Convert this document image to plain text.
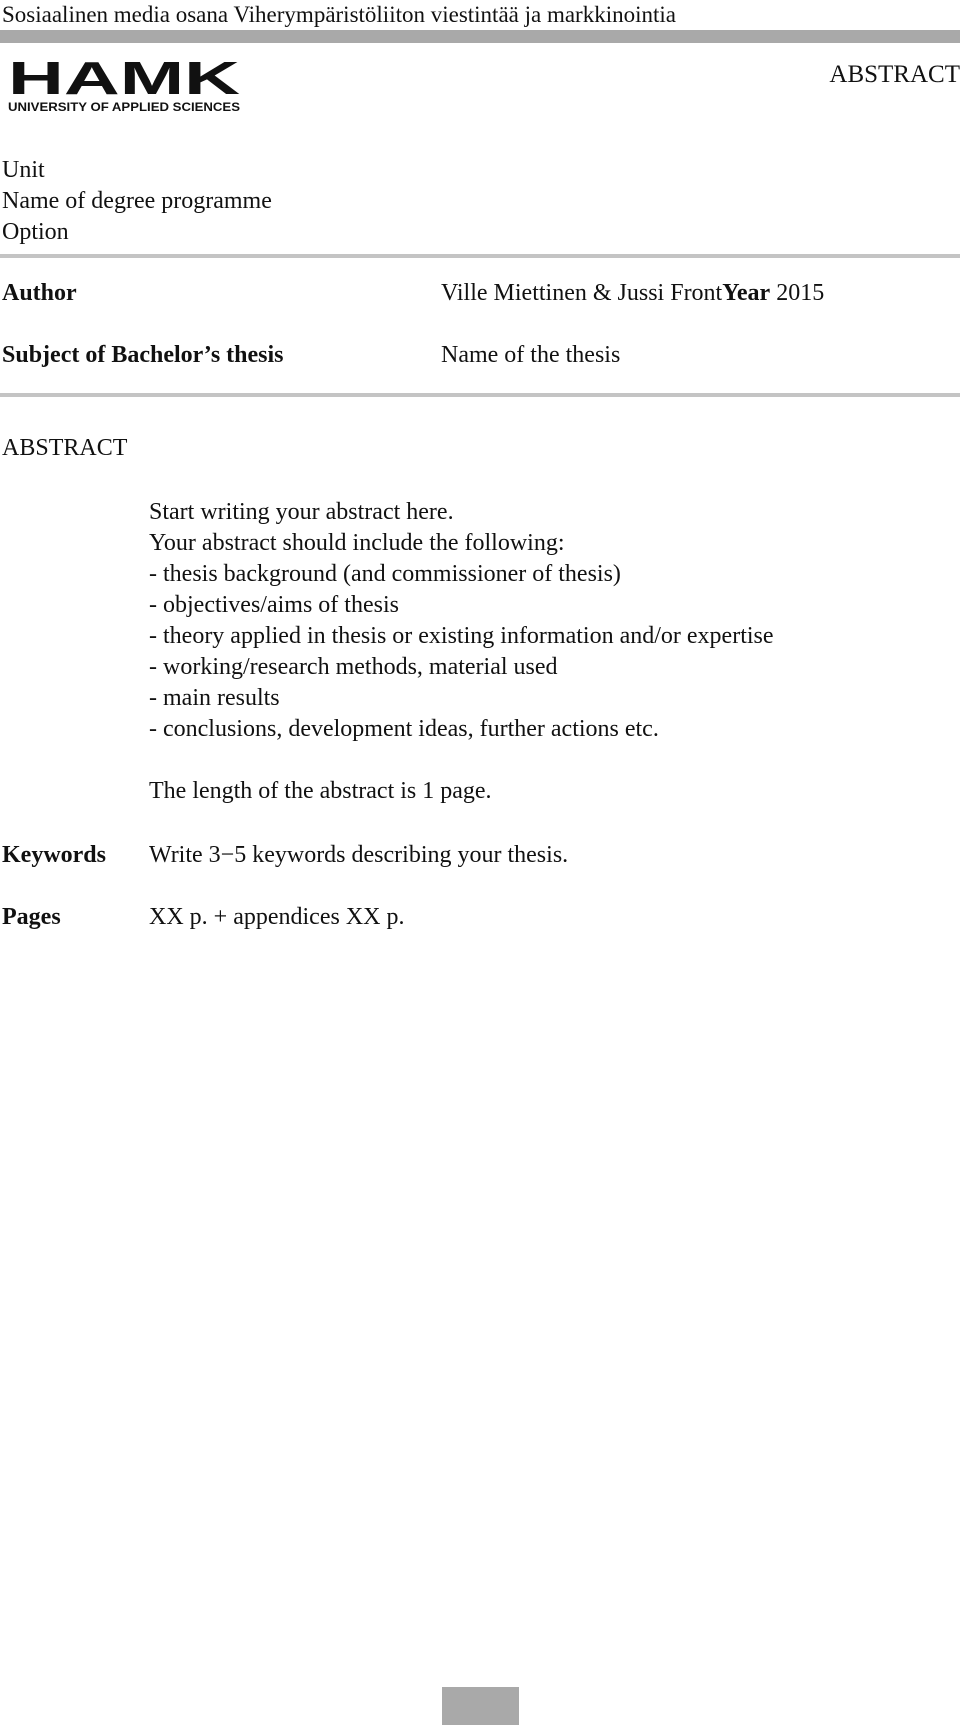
Sosiaalinen media osana Viherympäristöliiton viestintää ja markkinointia
HAMK
UNIVERSITY OF APPLIED SCIENCES
ABSTRACT
Unit
Name of degree programme
Option
Author	Ville Miettinen & Jussi FrontYear 2015
Subject of Bachelor’s thesis	Name of the thesis
ABSTRACT
Start writing your abstract here.
Your abstract should include the following:
- thesis background (and commissioner of thesis)
- objectives/aims of thesis
- theory applied in thesis or existing information and/or expertise
- working/research methods, material used
- main results
- conclusions, development ideas, further actions etc.
The length of the abstract is 1 page.
Keywords Write 3−5 keywords describing your thesis.
Pages	XX p. + appendices XX p.
